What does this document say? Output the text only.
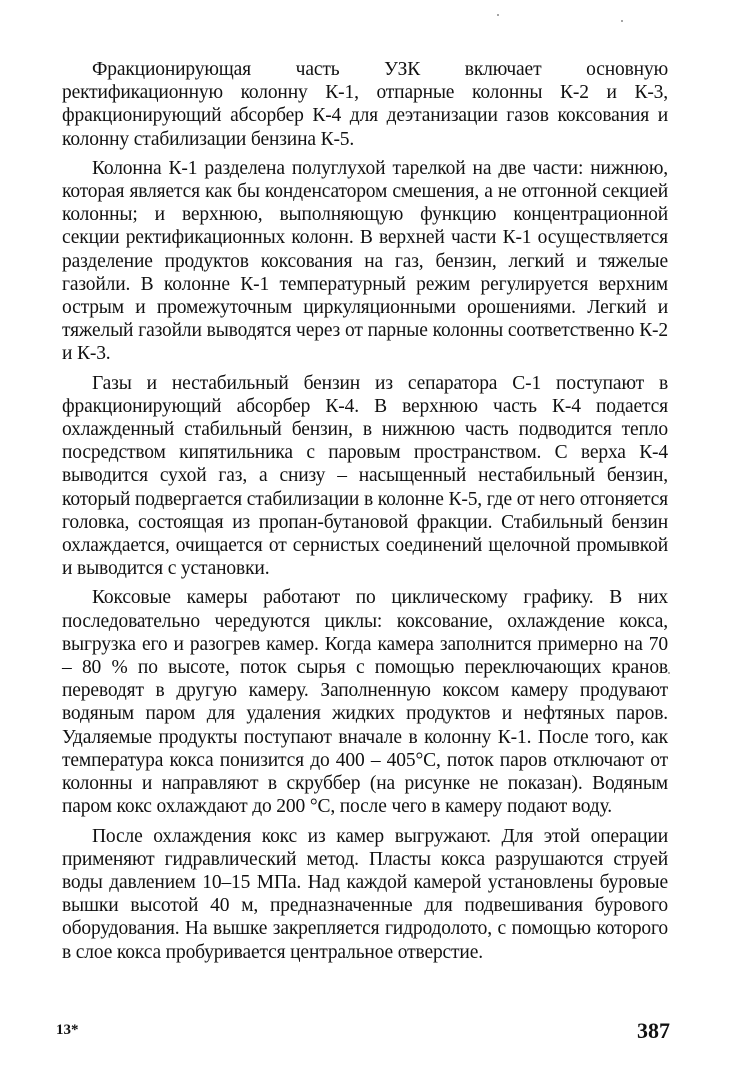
Фракционирующая часть УЗК включает основную ректификационную колонну К-1, отпарные колонны К-2 и К-3, фракционирующий абсорбер К-4 для деэтанизации газов коксования и колонну стабилизации бензина К-5.

Колонна К-1 разделена полуглухой тарелкой на две части: нижнюю, которая является как бы конденсатором смешения, а не отгонной секцией колонны; и верхнюю, выполняющую функцию концентрационной секции ректификационных колонн. В верхней части К-1 осуществляется разделение продуктов коксования на газ, бензин, легкий и тяжелые газойли. В колонне К-1 температурный режим регулируется верхним острым и промежуточным циркуляционными орошениями. Легкий и тяжелый газойли выводятся через от парные колонны соответственно К-2 и К-3.

Газы и нестабильный бензин из сепаратора С-1 поступают в фракционирующий абсорбер К-4. В верхнюю часть К-4 подается охлажденный стабильный бензин, в нижнюю часть подводится тепло посредством кипятильника с паровым пространством. С верха К-4 выводится сухой газ, а снизу – насыщенный нестабильный бензин, который подвергается стабилизации в колонне К-5, где от него отгоняется головка, состоящая из пропан-бутановой фракции. Стабильный бензин охлаждается, очищается от сернистых соединений щелочной промывкой и выводится с установки.

Коксовые камеры работают по циклическому графику. В них последовательно чередуются циклы: коксование, охлаждение кокса, выгрузка его и разогрев камер. Когда камера заполнится примерно на 70 – 80 % по высоте, поток сырья с помощью переключающих кранов переводят в другую камеру. Заполненную коксом камеру продувают водяным паром для удаления жидких продуктов и нефтяных паров. Удаляемые продукты поступают вначале в колонну К-1. После того, как температура кокса понизится до 400 – 405°С, поток паров отключают от колонны и направляют в скруббер (на рисунке не показан). Водяным паром кокс охлаждают до 200 °С, после чего в камеру подают воду.

После охлаждения кокс из камер выгружают. Для этой операции применяют гидравлический метод. Пласты кокса разрушаются струей воды давлением 10–15 МПа. Над каждой камерой установлены буровые вышки высотой 40 м, предназначенные для подвешивания бурового оборудования. На вышке закрепляется гидродолото, с помощью которого в слое кокса пробуривается центральное отверстие.

13*	387
